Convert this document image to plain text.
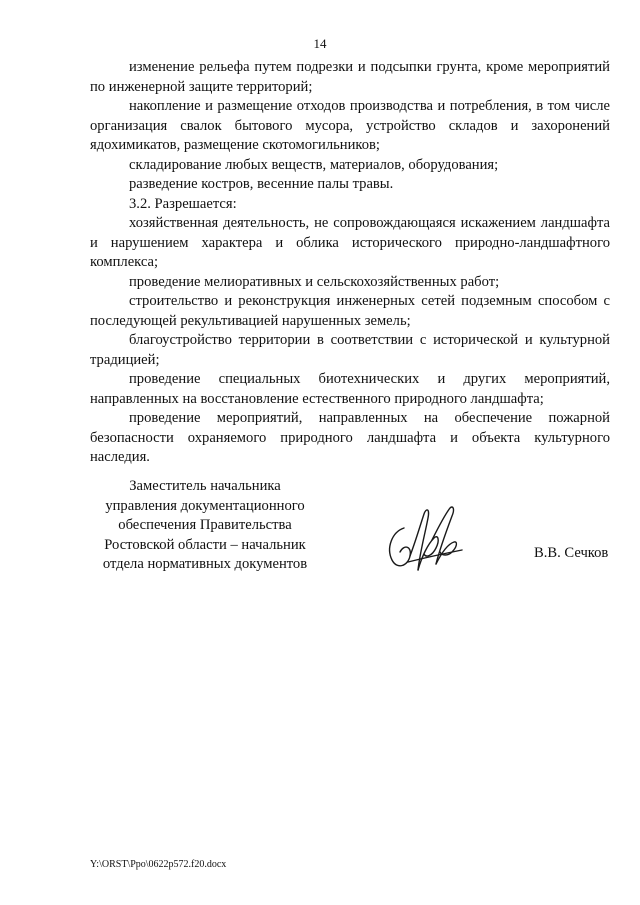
14

изменение рельефа путем подрезки и подсыпки грунта, кроме мероприятий по инженерной защите территорий;

накопление и размещение отходов производства и потребления, в том числе организация свалок бытового мусора, устройство складов и захоронений ядохимикатов, размещение скотомогильников;

складирование любых веществ, материалов, оборудования;

разведение костров, весенние палы травы.

3.2. Разрешается:

хозяйственная деятельность, не сопровождающаяся искажением ландшафта и нарушением характера и облика исторического природно-ландшафтного комплекса;

проведение мелиоративных и сельскохозяйственных работ;

строительство и реконструкция инженерных сетей подземным способом с последующей рекультивацией нарушенных земель;

благоустройство территории в соответствии с исторической и культурной традицией;

проведение специальных биотехнических и других мероприятий, направленных на восстановление естественного природного ландшафта;

проведение мероприятий, направленных на обеспечение пожарной безопасности охраняемого природного ландшафта и объекта культурного наследия.

Заместитель начальника
управления документационного
обеспечения Правительства
Ростовской области – начальник
отдела нормативных документов
В.В. Сечков
Y:\ORST\Ppo\0622p572.f20.docx
